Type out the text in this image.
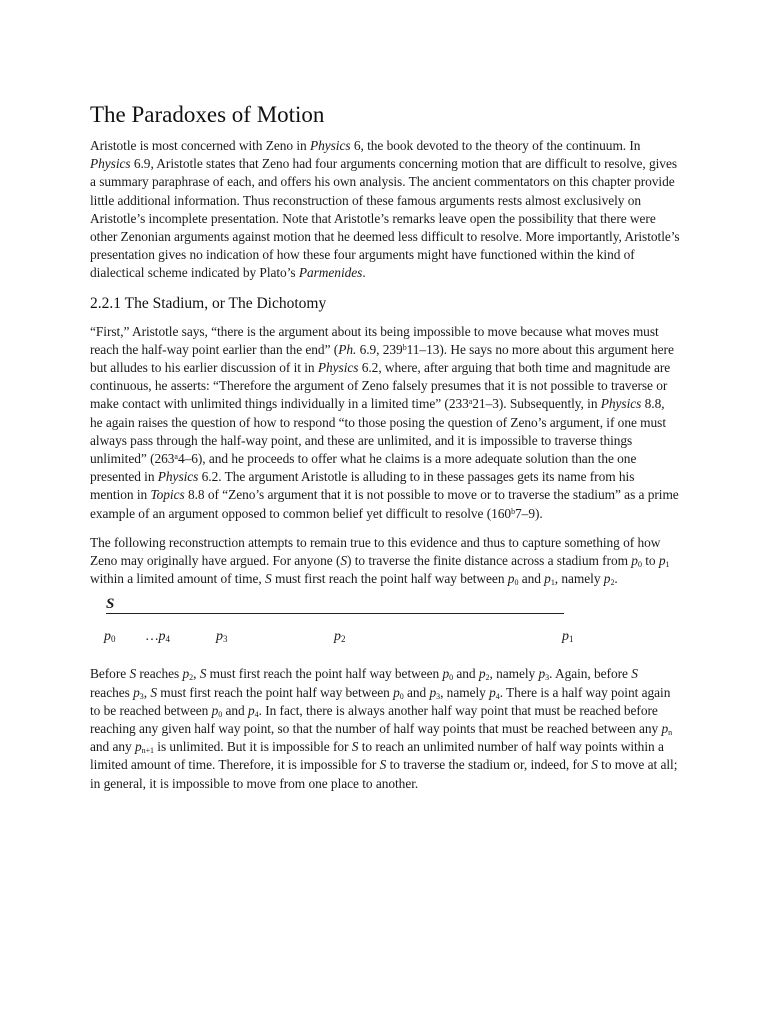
The Paradoxes of Motion

Aristotle is most concerned with Zeno in Physics 6, the book devoted to the theory of the continuum. In Physics 6.9, Aristotle states that Zeno had four arguments concerning motion that are difficult to resolve, gives a summary paraphrase of each, and offers his own analysis. The ancient commentators on this chapter provide little additional information. Thus reconstruction of these famous arguments rests almost exclusively on Aristotle’s incomplete presentation. Note that Aristotle’s remarks leave open the possibility that there were other Zenonian arguments against motion that he deemed less difficult to resolve. More importantly, Aristotle’s presentation gives no indication of how these four arguments might have functioned within the kind of dialectical scheme indicated by Plato’s Parmenides.

2.2.1 The Stadium, or The Dichotomy

“First,” Aristotle says, “there is the argument about its being impossible to move because what moves must reach the half-way point earlier than the end” (Ph. 6.9, 239$^b$11–13). He says no more about this argument here but alludes to his earlier discussion of it in Physics 6.2, where, after arguing that both time and magnitude are continuous, he asserts: “Therefore the argument of Zeno falsely presumes that it is not possible to traverse or make contact with unlimited things individually in a limited time” (233$^a$21–3). Subsequently, in Physics 8.8, he again raises the question of how to respond “to those posing the question of Zeno’s argument, if one must always pass through the half-way point, and these are unlimited, and it is impossible to traverse things unlimited” (263$^a$4–6), and he proceeds to offer what he claims is a more adequate solution than the one presented in Physics 6.2. The argument Aristotle is alluding to in these passages gets its name from his mention in Topics 8.8 of “Zeno’s argument that it is not possible to move or to traverse the stadium” as a prime example of an argument opposed to common belief yet difficult to resolve (160$^b$7–9).

The following reconstruction attempts to remain true to this evidence and thus to capture something of how Zeno may originally have argued. For anyone (S) to traverse the finite distance across a stadium from $p_0$ to $p_1$ within a limited amount of time, S must first reach the point half way between $p_0$ and $p_1$, namely $p_2$.

S
$p_0$ $\dots p_4$	$p_3$	$p_2$	$p_1$

Before S reaches $p_2$, S must first reach the point half way between $p_0$ and $p_2$, namely $p_3$. Again, before S reaches $p_3$, S must first reach the point half way between $p_0$ and $p_3$, namely $p_4$. There is a half way point again to be reached between $p_0$ and $p_4$. In fact, there is always another half way point that must be reached before reaching any given half way point, so that the number of half way points that must be reached between any $p_n$ and any $p_{n+1}$ is unlimited. But it is impossible for S to reach an unlimited number of half way points within a limited amount of time. Therefore, it is impossible for S to traverse the stadium or, indeed, for S to move at all; in general, it is impossible to move from one place to another.
